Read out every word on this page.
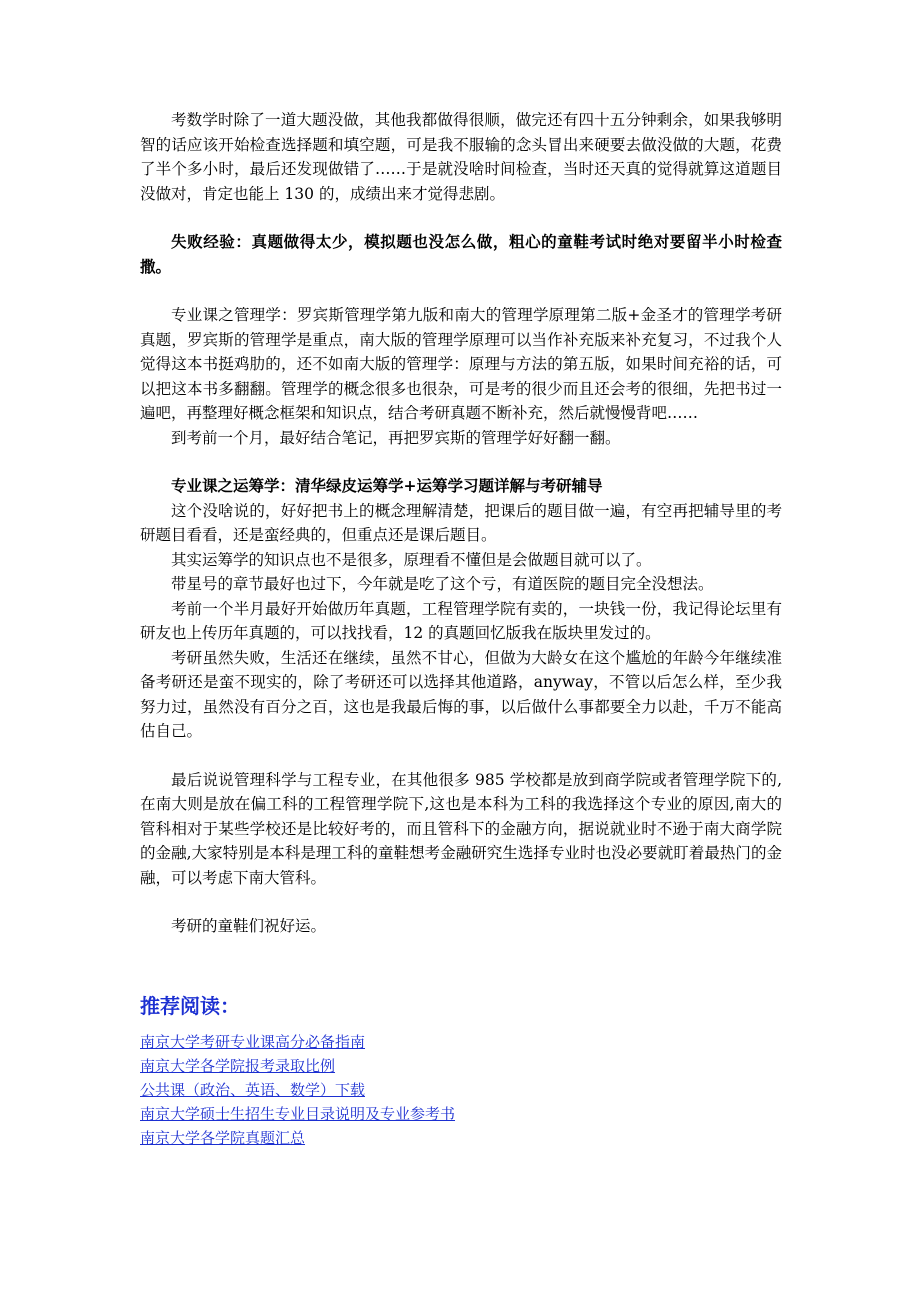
考数学时除了一道大题没做，其他我都做得很顺，做完还有四十五分钟剩余，如果我够明智的话应该开始检查选择题和填空题，可是我不服输的念头冒出来硬要去做没做的大题，花费了半个多小时，最后还发现做错了……于是就没啥时间检查，当时还天真的觉得就算这道题目没做对，肯定也能上 130 的，成绩出来才觉得悲剧。

失败经验：真题做得太少，模拟题也没怎么做，粗心的童鞋考试时绝对要留半小时检查撒。

专业课之管理学：罗宾斯管理学第九版和南大的管理学原理第二版+金圣才的管理学考研真题，罗宾斯的管理学是重点，南大版的管理学原理可以当作补充版来补充复习，不过我个人觉得这本书挺鸡肋的，还不如南大版的管理学：原理与方法的第五版，如果时间充裕的话，可以把这本书多翻翻。管理学的概念很多也很杂，可是考的很少而且还会考的很细，先把书过一遍吧，再整理好概念框架和知识点，结合考研真题不断补充，然后就慢慢背吧……

到考前一个月，最好结合笔记，再把罗宾斯的管理学好好翻一翻。

专业课之运筹学：清华绿皮运筹学+运筹学习题详解与考研辅导

这个没啥说的，好好把书上的概念理解清楚，把课后的题目做一遍，有空再把辅导里的考研题目看看，还是蛮经典的，但重点还是课后题目。

其实运筹学的知识点也不是很多，原理看不懂但是会做题目就可以了。

带星号的章节最好也过下，今年就是吃了这个亏，有道医院的题目完全没想法。

考前一个半月最好开始做历年真题，工程管理学院有卖的，一块钱一份，我记得论坛里有研友也上传历年真题的，可以找找看，12 的真题回忆版我在版块里发过的。

考研虽然失败，生活还在继续，虽然不甘心，但做为大龄女在这个尴尬的年龄今年继续准备考研还是蛮不现实的，除了考研还可以选择其他道路，anyway，不管以后怎么样，至少我努力过，虽然没有百分之百，这也是我最后悔的事，以后做什么事都要全力以赴，千万不能高估自己。

最后说说管理科学与工程专业，在其他很多 985 学校都是放到商学院或者管理学院下的,在南大则是放在偏工科的工程管理学院下,这也是本科为工科的我选择这个专业的原因,南大的管科相对于某些学校还是比较好考的，而且管科下的金融方向，据说就业时不逊于南大商学院的金融,大家特别是本科是理工科的童鞋想考金融研究生选择专业时也没必要就盯着最热门的金融，可以考虑下南大管科。

考研的童鞋们祝好运。

推荐阅读：
南京大学考研专业课高分必备指南
南京大学各学院报考录取比例
公共课（政治、英语、数学）下载
南京大学硕士生招生专业目录说明及专业参考书
南京大学各学院真题汇总
